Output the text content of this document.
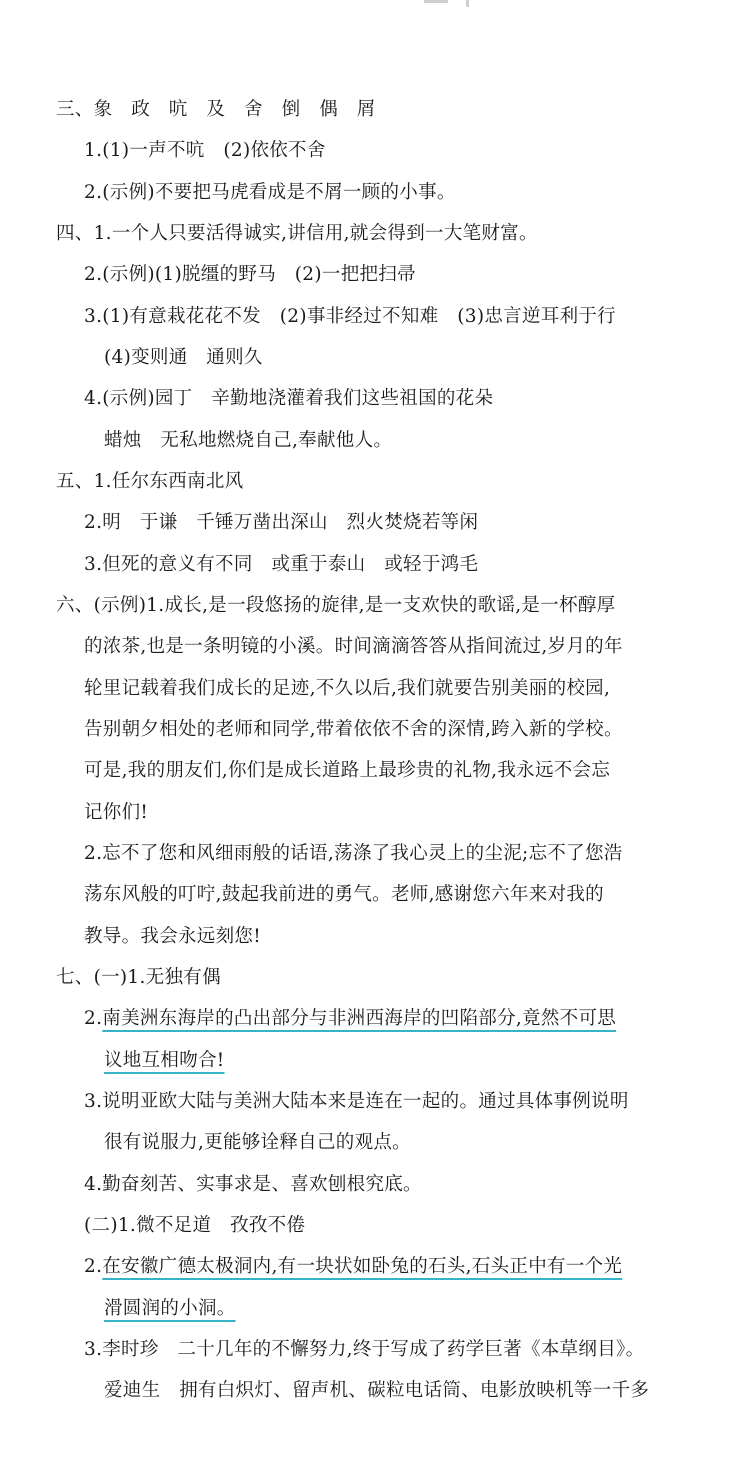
三、象　政　吭　及　舍　倒　偶　屑
1.(1)一声不吭　(2)依依不舍
2.(示例)不要把马虎看成是不屑一顾的小事。
四、1.一个人只要活得诚实,讲信用,就会得到一大笔财富。
2.(示例)(1)脱缰的野马　(2)一把把扫帚
3.(1)有意栽花花不发　(2)事非经过不知难　(3)忠言逆耳利于行
(4)变则通　通则久
4.(示例)园丁　辛勤地浇灌着我们这些祖国的花朵
蜡烛　无私地燃烧自己,奉献他人。
五、1.任尔东西南北风
2.明　于谦　千锤万凿出深山　烈火焚烧若等闲
3.但死的意义有不同　或重于泰山　或轻于鸿毛
六、(示例)1.成长,是一段悠扬的旋律,是一支欢快的歌谣,是一杯醇厚
的浓茶,也是一条明镜的小溪。时间滴滴答答从指间流过,岁月的年
轮里记载着我们成长的足迹,不久以后,我们就要告别美丽的校园,
告别朝夕相处的老师和同学,带着依依不舍的深情,跨入新的学校。
可是,我的朋友们,你们是成长道路上最珍贵的礼物,我永远不会忘
记你们!
2.忘不了您和风细雨般的话语,荡涤了我心灵上的尘泥;忘不了您浩
荡东风般的叮咛,鼓起我前进的勇气。老师,感谢您六年来对我的
教导。我会永远刻您!
七、(一)1.无独有偶
2.南美洲东海岸的凸出部分与非洲西海岸的凹陷部分,竟然不可思
议地互相吻合!
3.说明亚欧大陆与美洲大陆本来是连在一起的。通过具体事例说明
很有说服力,更能够诠释自己的观点。
4.勤奋刻苦、实事求是、喜欢刨根究底。
(二)1.微不足道　孜孜不倦
2.在安徽广德太极洞内,有一块状如卧兔的石头,石头正中有一个光
滑圆润的小洞。
3.李时珍　二十几年的不懈努力,终于写成了药学巨著《本草纲目》。
爱迪生　拥有白炽灯、留声机、碳粒电话筒、电影放映机等一千多
